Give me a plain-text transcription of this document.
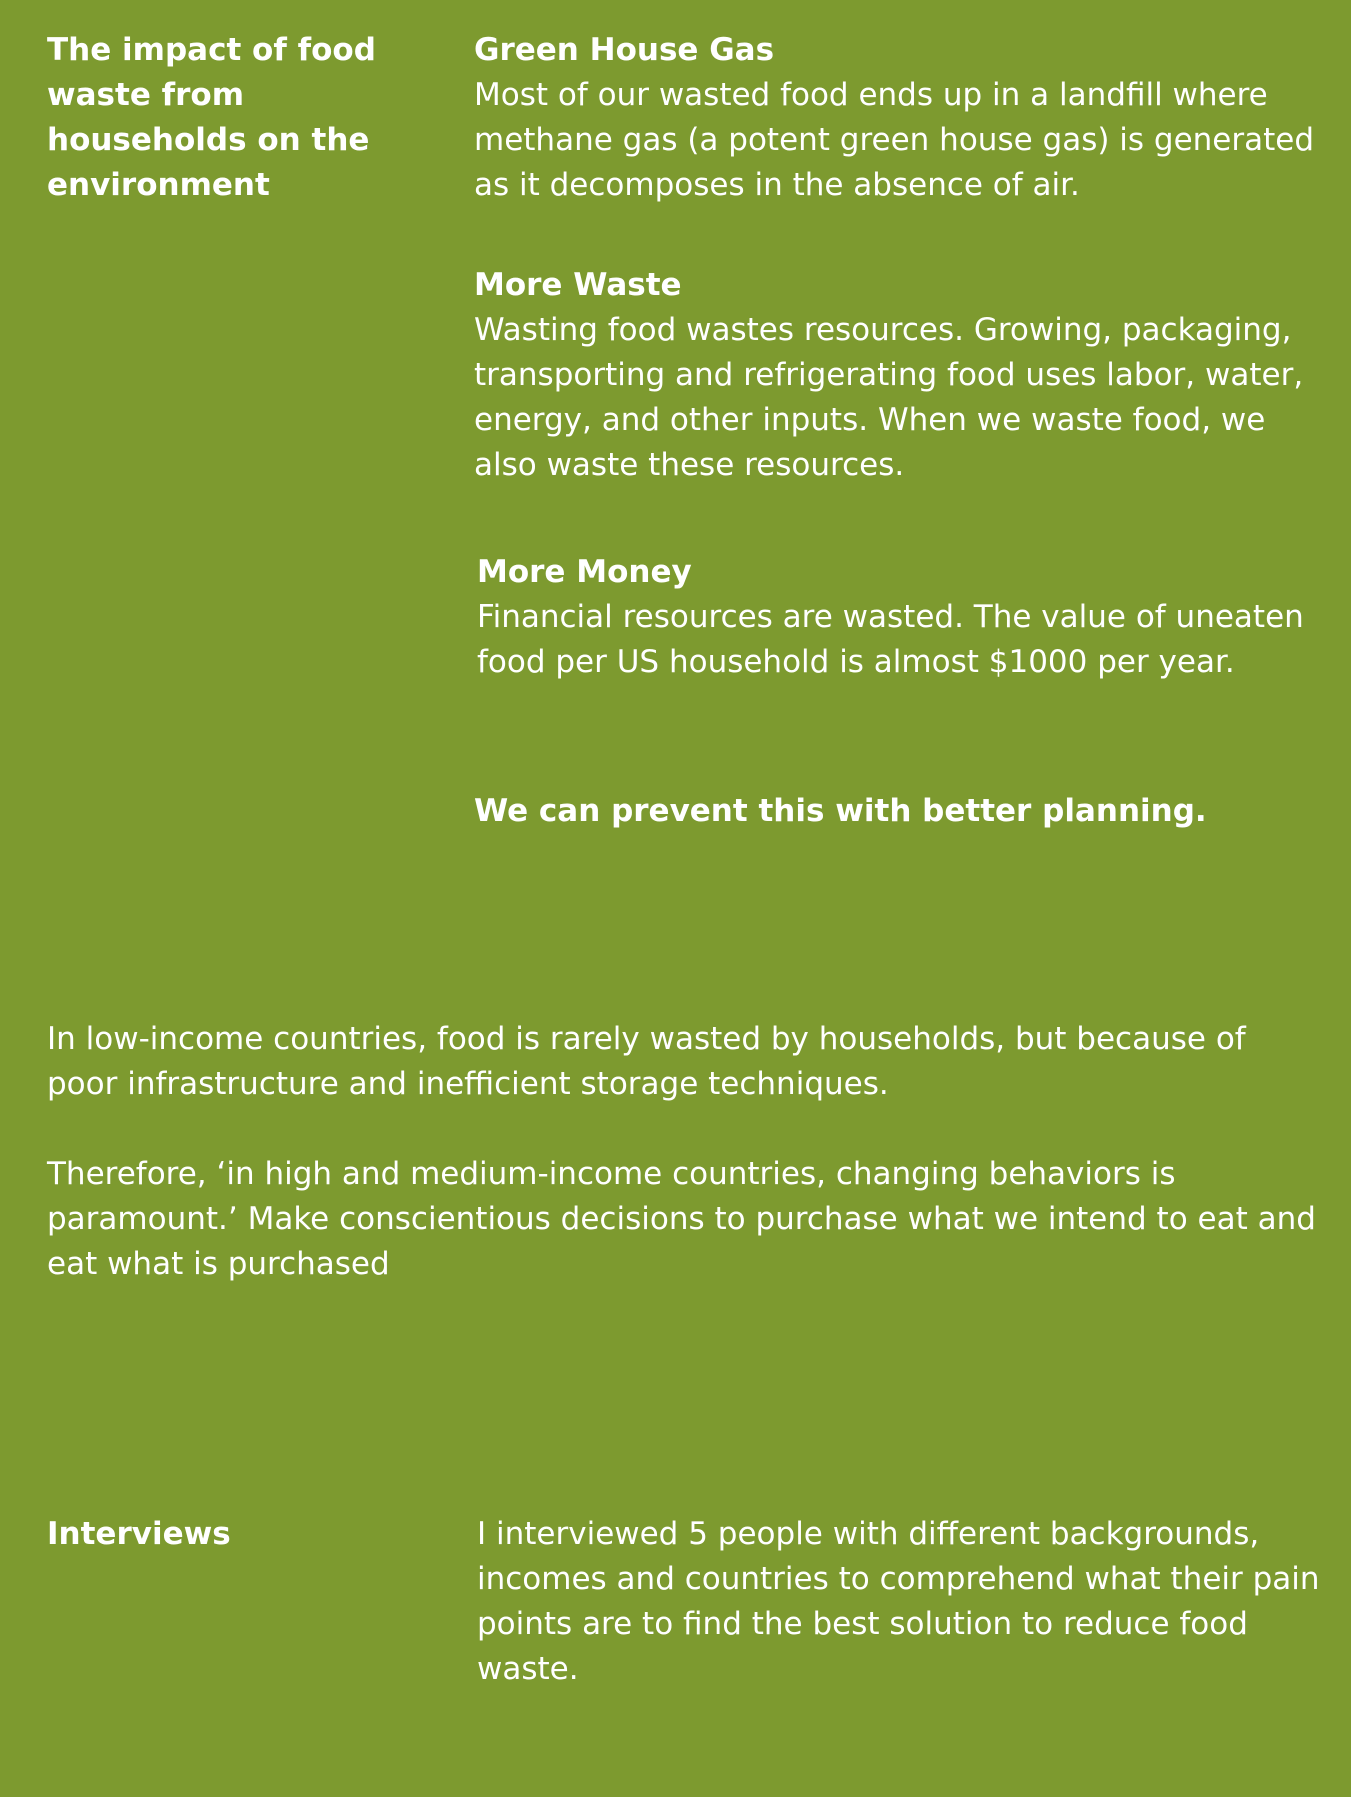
The impact of food waste from households on the environment
Green House Gas
Most of our wasted food ends up in a landfill where methane gas (a potent green house gas) is generated as it decomposes in the absence of air.
More Waste
Wasting food wastes resources. Growing, packaging, transporting and refrigerating food uses labor, water, energy, and other inputs. When we waste food, we also waste these resources.
More Money
Financial resources are wasted. The value of uneaten food per US household is almost $1000 per year.
We can prevent this with better planning.
In low-income countries, food is rarely wasted by households, but because of poor infrastructure and inefficient storage techniques.
Therefore, ‘in high and medium-income countries, changing behaviors is paramount.’ Make conscientious decisions to purchase what we intend to eat and eat what is purchased
Interviews	I interviewed 5 people with different backgrounds, incomes and countries to comprehend what their pain points are to find the best solution to reduce food waste.
